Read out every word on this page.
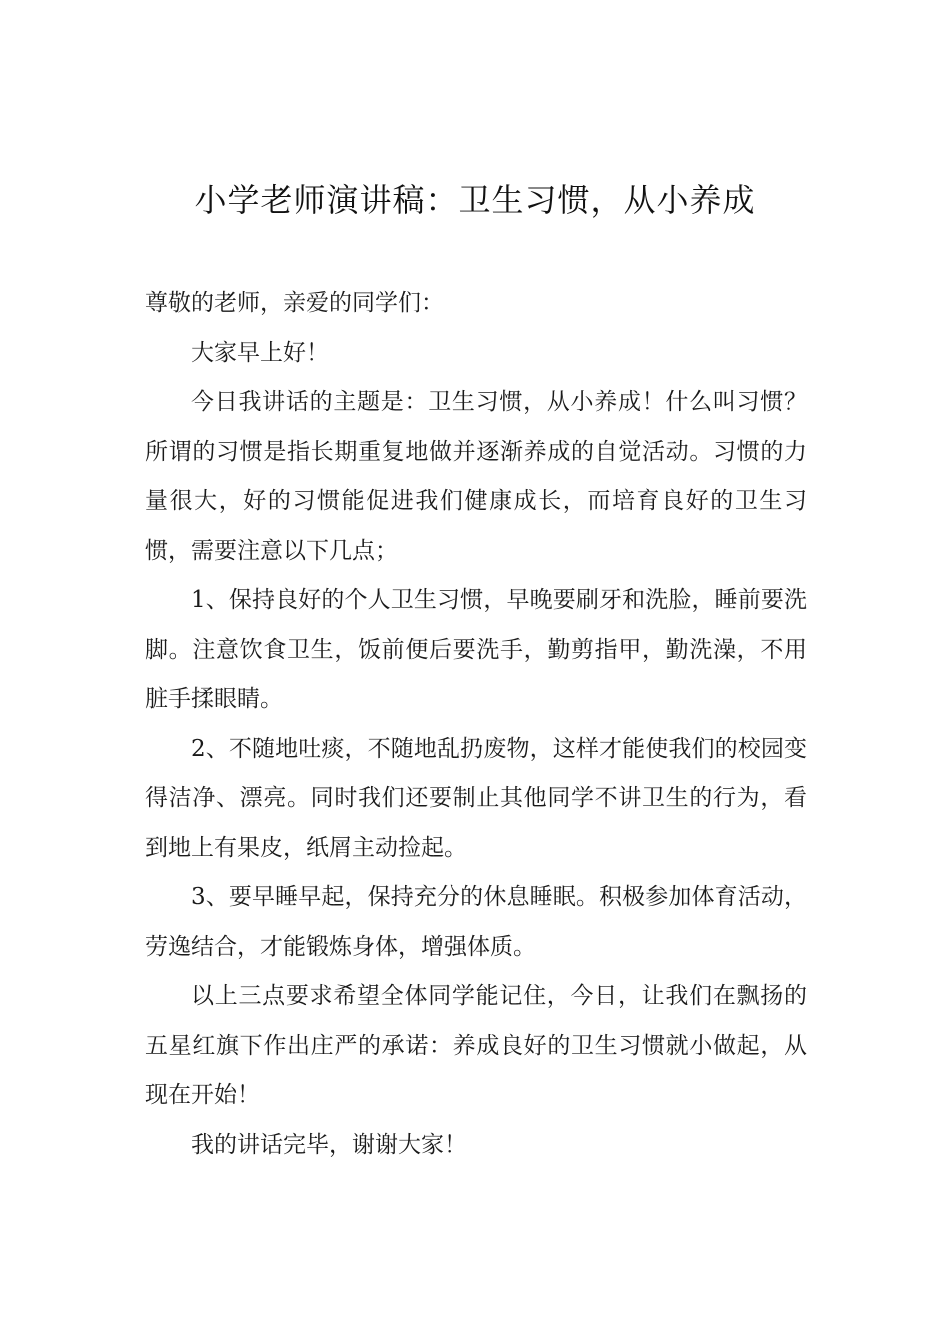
小学老师演讲稿：卫生习惯，从小养成

尊敬的老师，亲爱的同学们：

大家早上好！

今日我讲话的主题是：卫生习惯，从小养成！什么叫习惯？所谓的习惯是指长期重复地做并逐渐养成的自觉活动。习惯的力量很大，好的习惯能促进我们健康成长，而培育良好的卫生习惯，需要注意以下几点；

1、保持良好的个人卫生习惯，早晚要刷牙和洗脸，睡前要洗脚。注意饮食卫生，饭前便后要洗手，勤剪指甲，勤洗澡，不用脏手揉眼睛。

2、不随地吐痰，不随地乱扔废物，这样才能使我们的校园变得洁净、漂亮。同时我们还要制止其他同学不讲卫生的行为，看到地上有果皮，纸屑主动捡起。

3、要早睡早起，保持充分的休息睡眠。积极参加体育活动，劳逸结合，才能锻炼身体，增强体质。

以上三点要求希望全体同学能记住，今日，让我们在飘扬的五星红旗下作出庄严的承诺：养成良好的卫生习惯就小做起，从现在开始！

我的讲话完毕，谢谢大家！
